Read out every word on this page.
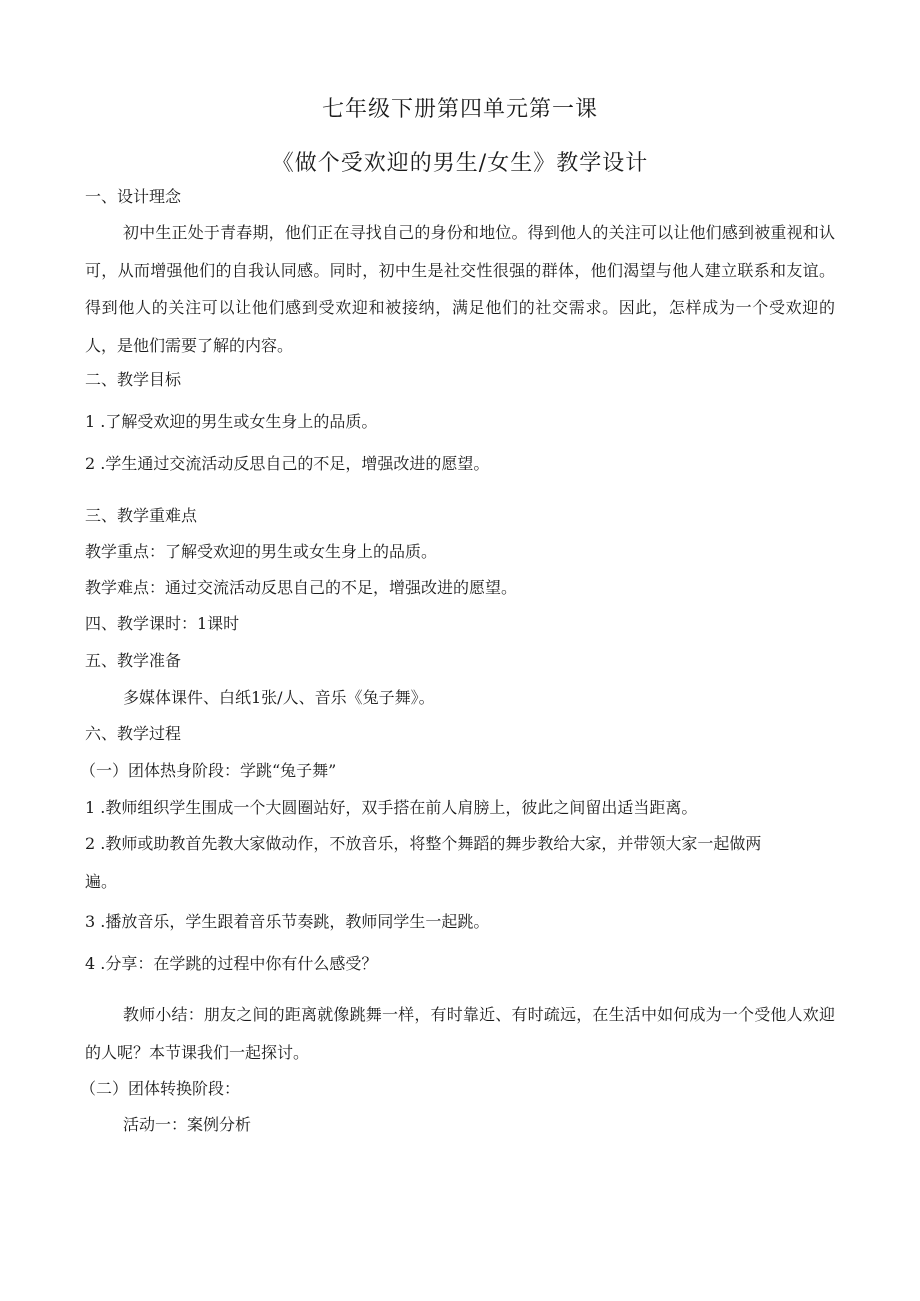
七年级下册第四单元第一课
《做个受欢迎的男生/女生》教学设计
一、设计理念
初中生正处于青春期，他们正在寻找自己的身份和地位。得到他人的关注可以让他们感到被重视和认可，从而增强他们的自我认同感。同时，初中生是社交性很强的群体，他们渴望与他人建立联系和友谊。得到他人的关注可以让他们感到受欢迎和被接纳，满足他们的社交需求。因此，怎样成为一个受欢迎的人，是他们需要了解的内容。
二、教学目标
1 .了解受欢迎的男生或女生身上的品质。
2 .学生通过交流活动反思自己的不足，增强改进的愿望。
三、教学重难点
教学重点：了解受欢迎的男生或女生身上的品质。
教学难点：通过交流活动反思自己的不足，增强改进的愿望。
四、教学课时：1课时
五、教学准备
多媒体课件、白纸1张/人、音乐《兔子舞》。
六、教学过程
（一）团体热身阶段：学跳“兔子舞”
1 .教师组织学生围成一个大圆圈站好，双手搭在前人肩膀上，彼此之间留出适当距离。
2 .教师或助教首先教大家做动作，不放音乐，将整个舞蹈的舞步教给大家，并带领大家一起做两
遍。
3 .播放音乐，学生跟着音乐节奏跳，教师同学生一起跳。
4 .分享：在学跳的过程中你有什么感受？
教师小结：朋友之间的距离就像跳舞一样，有时靠近、有时疏远，在生活中如何成为一个受他人欢迎的人呢？本节课我们一起探讨。
（二）团体转换阶段：
活动一：案例分析
